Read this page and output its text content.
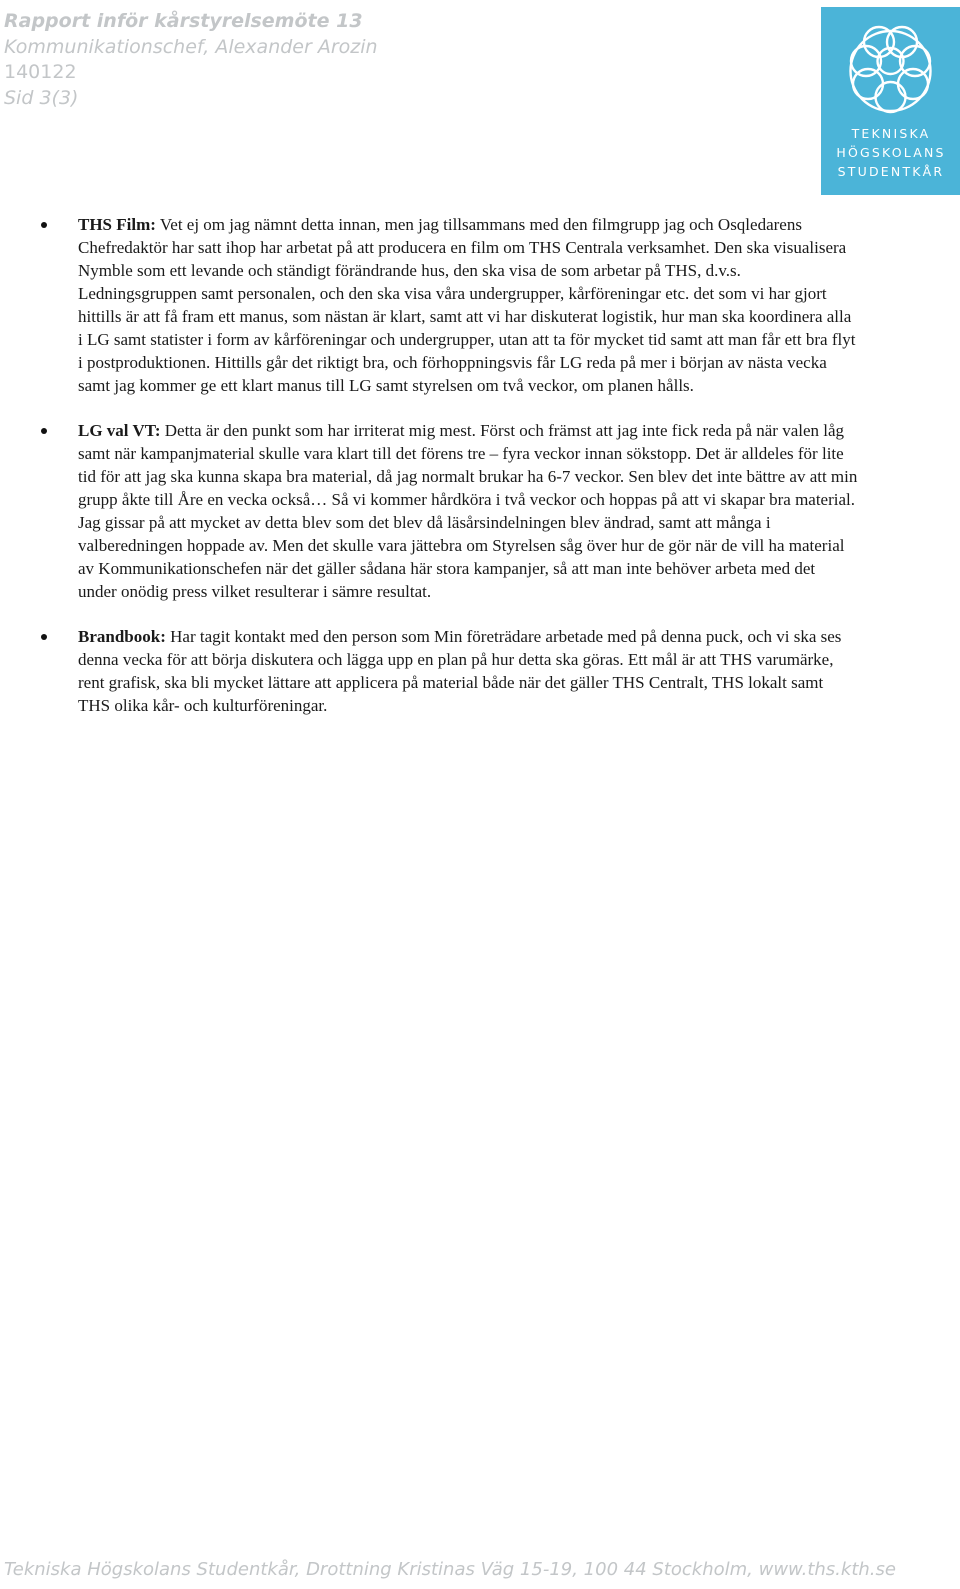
Rapport inför kårstyrelsemöte 13
Kommunikationschef, Alexander Arozin
140122
Sid 3(3)
TEKNISKA
HÖGSKOLANS
STUDENTKÅR
THS Film: Vet ej om jag nämnt detta innan, men jag tillsammans med den filmgrupp jag och Osqledarens Chefredaktör har satt ihop har arbetat på att producera en film om THS Centrala verksamhet. Den ska visualisera Nymble som ett levande och ständigt förändrande hus, den ska visa de som arbetar på THS, d.v.s. Ledningsgruppen samt personalen, och den ska visa våra undergrupper, kårföreningar etc. det som vi har gjort hittills är att få fram ett manus, som nästan är klart, samt att vi har diskuterat logistik, hur man ska koordinera alla i LG samt statister i form av kårföreningar och undergrupper, utan att ta för mycket tid samt att man får ett bra flyt i postproduktionen. Hittills går det riktigt bra, och förhoppningsvis får LG reda på mer i början av nästa vecka samt jag kommer ge ett klart manus till LG samt styrelsen om två veckor, om planen hålls.
LG val VT: Detta är den punkt som har irriterat mig mest. Först och främst att jag inte fick reda på när valen låg samt när kampanjmaterial skulle vara klart till det förens tre – fyra veckor innan sökstopp. Det är alldeles för lite tid för att jag ska kunna skapa bra material, då jag normalt brukar ha 6-7 veckor. Sen blev det inte bättre av att min grupp åkte till Åre en vecka också… Så vi kommer hårdköra i två veckor och hoppas på att vi skapar bra material. Jag gissar på att mycket av detta blev som det blev då läsårsindelningen blev ändrad, samt att många i valberedningen hoppade av. Men det skulle vara jättebra om Styrelsen såg över hur de gör när de vill ha material av Kommunikationschefen när det gäller sådana här stora kampanjer, så att man inte behöver arbeta med det under onödig press vilket resulterar i sämre resultat.
Brandbook: Har tagit kontakt med den person som Min företrädare arbetade med på denna puck, och vi ska ses denna vecka för att börja diskutera och lägga upp en plan på hur detta ska göras. Ett mål är att THS varumärke, rent grafisk, ska bli mycket lättare att applicera på material både när det gäller THS Centralt, THS lokalt samt THS olika kår- och kulturföreningar.
Tekniska Högskolans Studentkår, Drottning Kristinas Väg 15-19, 100 44 Stockholm, www.ths.kth.se
